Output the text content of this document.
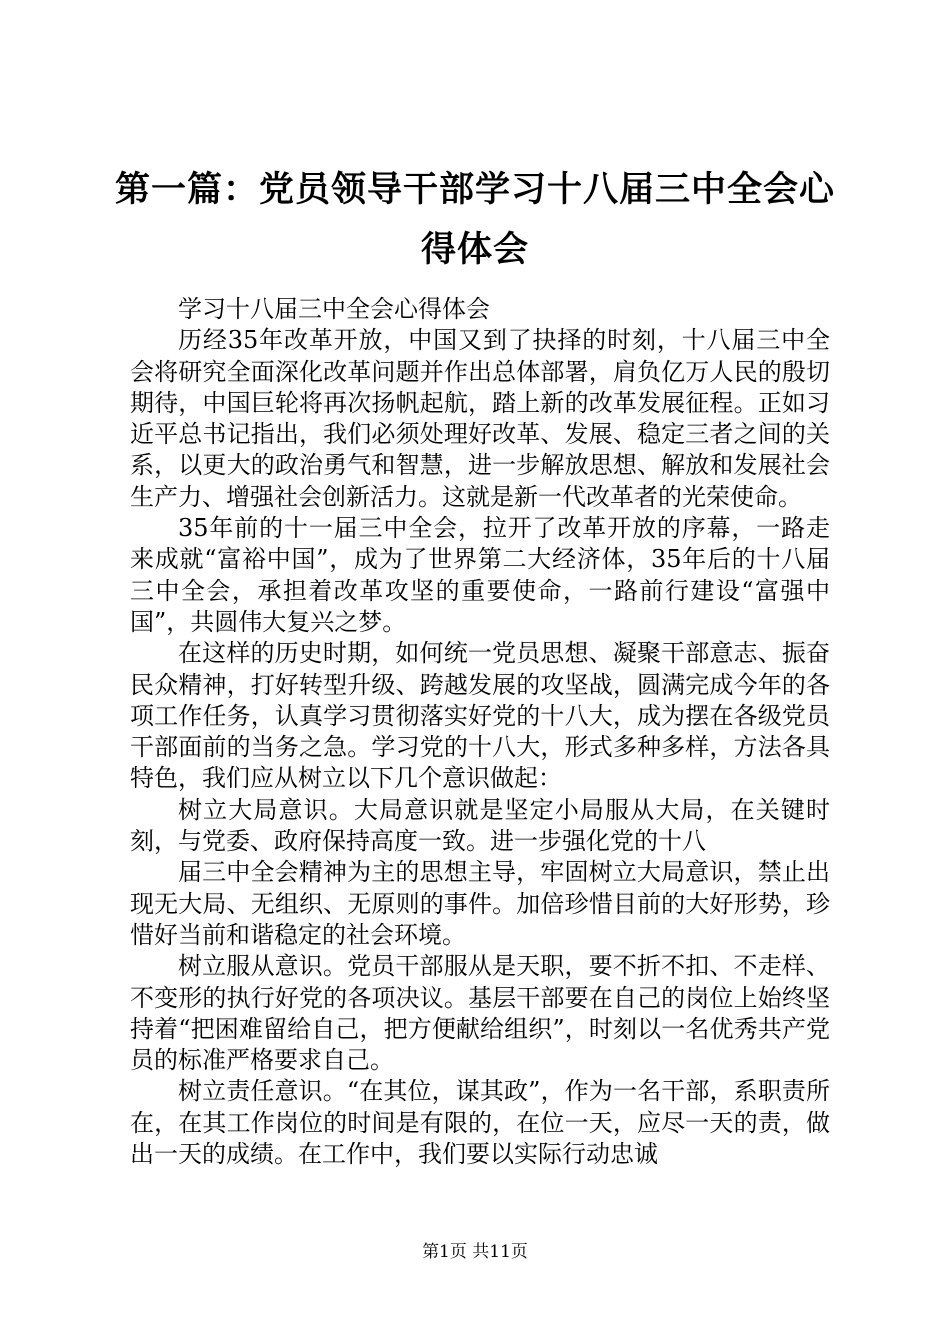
第一篇：党员领导干部学习十八届三中全会心得体会

学习十八届三中全会心得体会

历经35年改革开放，中国又到了抉择的时刻，十八届三中全会将研究全面深化改革问题并作出总体部署，肩负亿万人民的殷切期待，中国巨轮将再次扬帆起航，踏上新的改革发展征程。正如习近平总书记指出，我们必须处理好改革、发展、稳定三者之间的关系，以更大的政治勇气和智慧，进一步解放思想、解放和发展社会生产力、增强社会创新活力。这就是新一代改革者的光荣使命。

35年前的十一届三中全会，拉开了改革开放的序幕，一路走来成就“富裕中国”，成为了世界第二大经济体，35年后的十八届三中全会，承担着改革攻坚的重要使命，一路前行建设“富强中国”，共圆伟大复兴之梦。

在这样的历史时期，如何统一党员思想、凝聚干部意志、振奋民众精神，打好转型升级、跨越发展的攻坚战，圆满完成今年的各项工作任务，认真学习贯彻落实好党的十八大，成为摆在各级党员干部面前的当务之急。学习党的十八大，形式多种多样，方法各具特色，我们应从树立以下几个意识做起：

树立大局意识。大局意识就是坚定小局服从大局，在关键时刻，与党委、政府保持高度一致。进一步强化党的十八

届三中全会精神为主的思想主导，牢固树立大局意识，禁止出现无大局、无组织、无原则的事件。加倍珍惜目前的大好形势，珍惜好当前和谐稳定的社会环境。

树立服从意识。党员干部服从是天职，要不折不扣、不走样、不变形的执行好党的各项决议。基层干部要在自己的岗位上始终坚持着“把困难留给自己，把方便献给组织”，时刻以一名优秀共产党员的标准严格要求自己。

树立责任意识。“在其位，谋其政”，作为一名干部，系职责所在，在其工作岗位的时间是有限的，在位一天，应尽一天的责，做出一天的成绩。在工作中，我们要以实际行动忠诚

第1页 共11页
